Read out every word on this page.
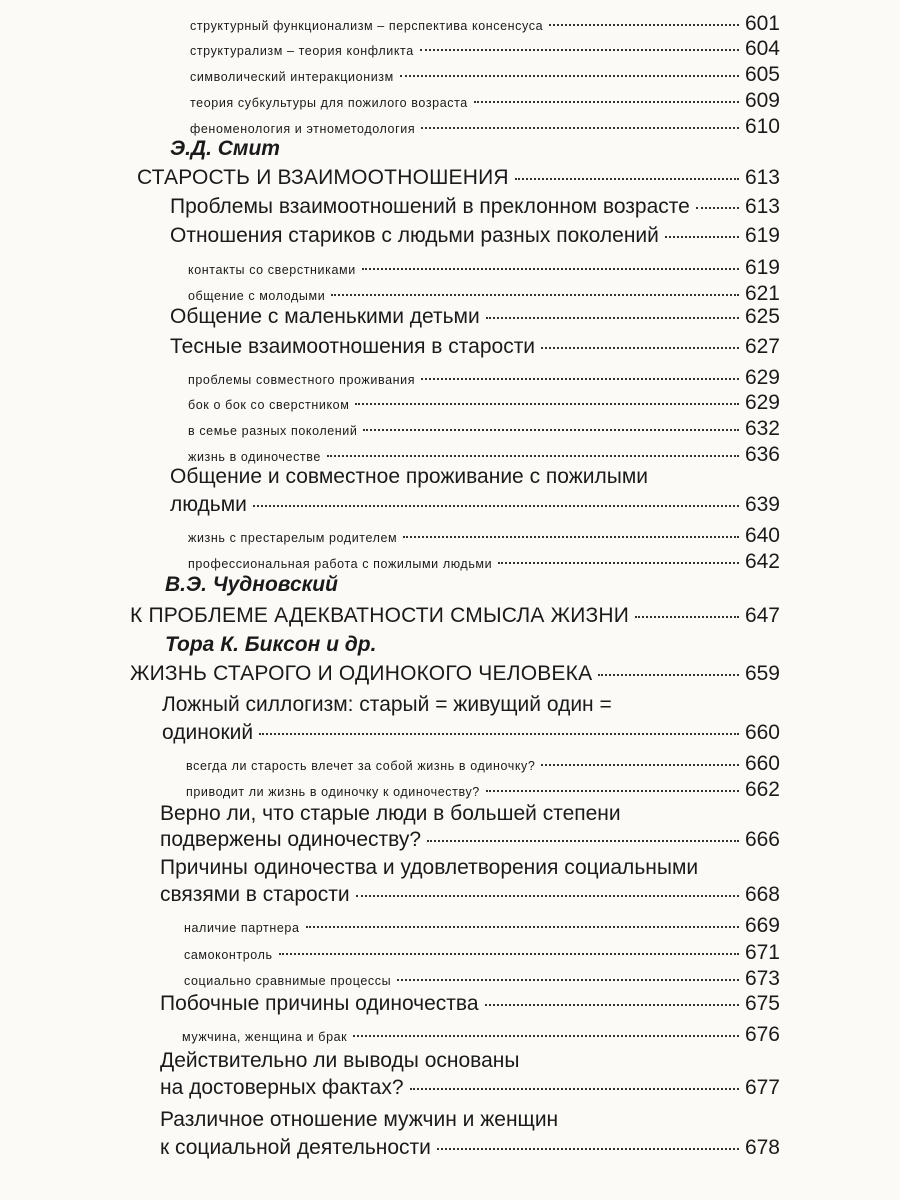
структурный функционализм – перспектива консенсуса	601
структурализм – теория конфликта	604
символический интеракционизм	605
теория субкультуры для пожилого возраста	609
феноменология и этнометодология	610
Э.Д. Смит
СТАРОСТЬ И ВЗАИМООТНОШЕНИЯ	613
Проблемы взаимоотношений в преклонном возрасте	613
Отношения стариков с людьми разных поколений	619
контакты со сверстниками	619
общение с молодыми	621
Общение с маленькими детьми	625
Тесные взаимоотношения в старости	627
проблемы совместного проживания	629
бок о бок со сверстником	629
в семье разных поколений	632
жизнь в одиночестве	636
Общение и совместное проживание с пожилыми
людьми	639
жизнь с престарелым родителем	640
профессиональная работа с пожилыми людьми	642
В.Э. Чудновский
К ПРОБЛЕМЕ АДЕКВАТНОСТИ СМЫСЛА ЖИЗНИ	647
Тора К. Биксон и др.
ЖИЗНЬ СТАРОГО И ОДИНОКОГО ЧЕЛОВЕКА	659
Ложный силлогизм: старый = живущий один =
одинокий	660
всегда ли старость влечет за собой жизнь в одиночку?	660
приводит ли жизнь в одиночку к одиночеству?	662
Верно ли, что старые люди в большей степени
подвержены одиночеству?	666
Причины одиночества и удовлетворения социальными
связями в старости	668
наличие партнера	669
самоконтроль	671
социально сравнимые процессы	673
Побочные причины одиночества	675
мужчина, женщина и брак	676
Действительно ли выводы основаны
на достоверных фактах?	677
Различное отношение мужчин и женщин
к социальной деятельности	678
